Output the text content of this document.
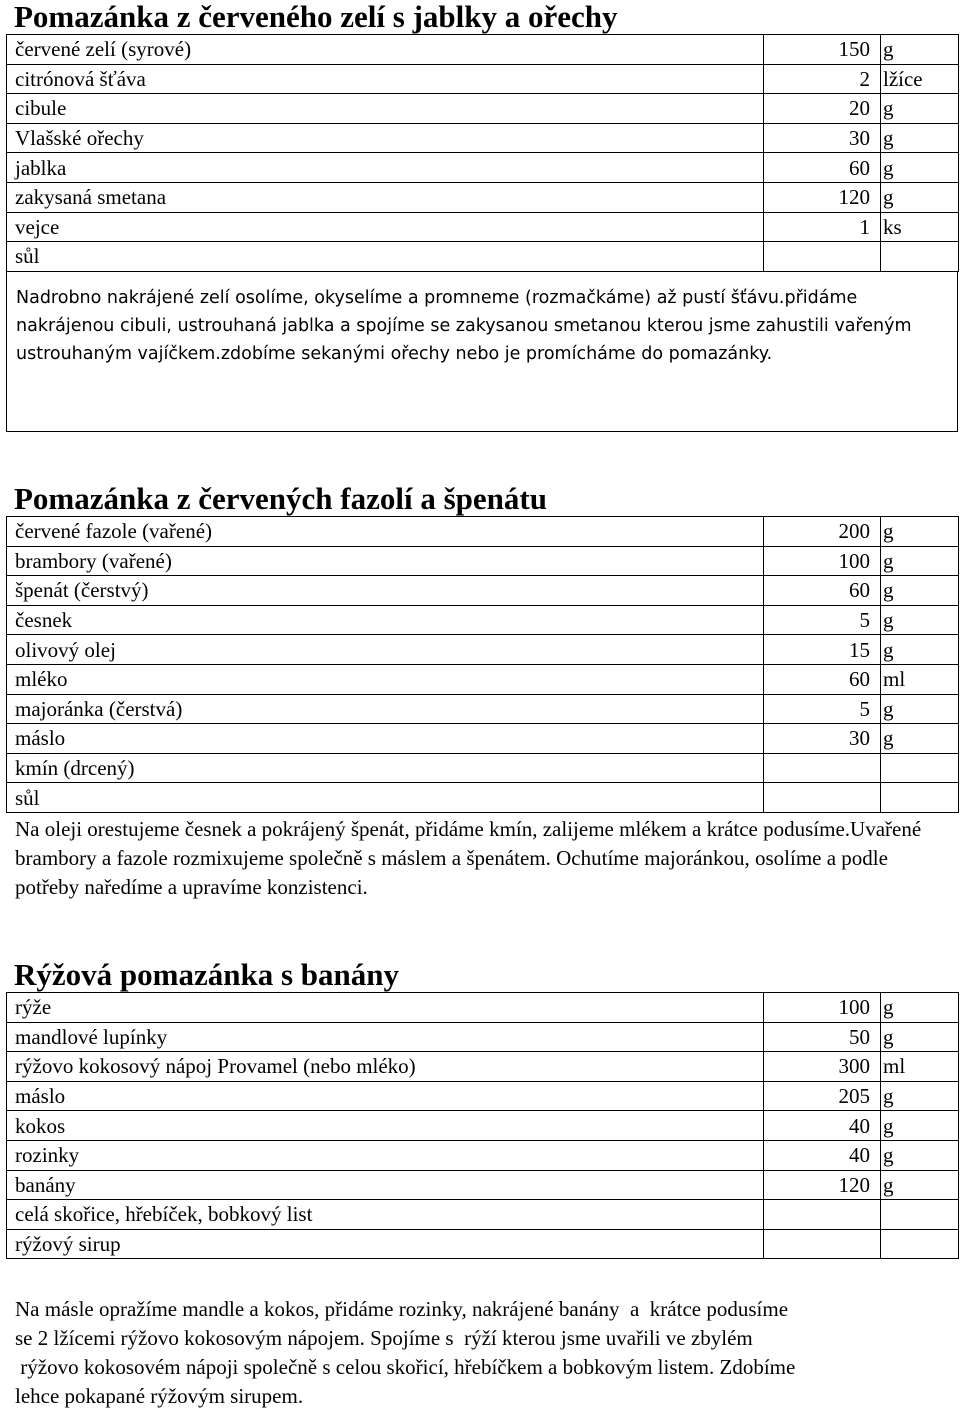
Pomazánka z červeného zelí s jablky a ořechy
červené zelí (syrové)	150	g
citrónová šťáva	2	lžíce
cibule	20	g
Vlašské ořechy	30	g
jablka	60	g
zakysaná smetana	120	g
vejce	1	ks
sůl		

Nadrobno nakrájené zelí osolíme, okyselíme a promneme (rozmačkáme) až pustí šťávu.přidáme nakrájenou cibuli, ustrouhaná jablka a spojíme se zakysanou smetanou kterou jsme zahustili vařeným ustrouhaným vajíčkem.zdobíme sekanými ořechy nebo je promícháme do pomazánky.

Pomazánka z červených fazolí a špenátu
červené fazole (vařené)	200	g
brambory (vařené)	100	g
špenát (čerstvý)	60	g
česnek	5	g
olivový olej	15	g
mléko	60	ml
majoránka (čerstvá)	5	g
máslo	30	g
kmín (drcený)		
sůl		

Na oleji orestujeme česnek a pokrájený špenát, přidáme kmín, zalijeme mlékem a krátce podusíme.Uvařené brambory a fazole rozmixujeme společně s máslem a špenátem. Ochutíme majoránkou, osolíme a podle potřeby naředíme a upravíme konzistenci.

Rýžová pomazánka s banány
rýže	100	g
mandlové lupínky	50	g
rýžovo kokosový nápoj Provamel (nebo mléko)	300	ml
máslo	205	g
kokos	40	g
rozinky	40	g
banány	120	g
celá skořice, hřebíček, bobkový list		
rýžový sirup		
Na másle opražíme mandle a kokos, přidáme rozinky, nakrájené banány  a  krátce podusíme
se 2 lžícemi rýžovo kokosovým nápojem. Spojíme s  rýží kterou jsme uvařili ve zbylém
rýžovo kokosovém nápoji společně s celou skořicí, hřebíčkem a bobkovým listem. Zdobíme
lehce pokapané rýžovým sirupem.
